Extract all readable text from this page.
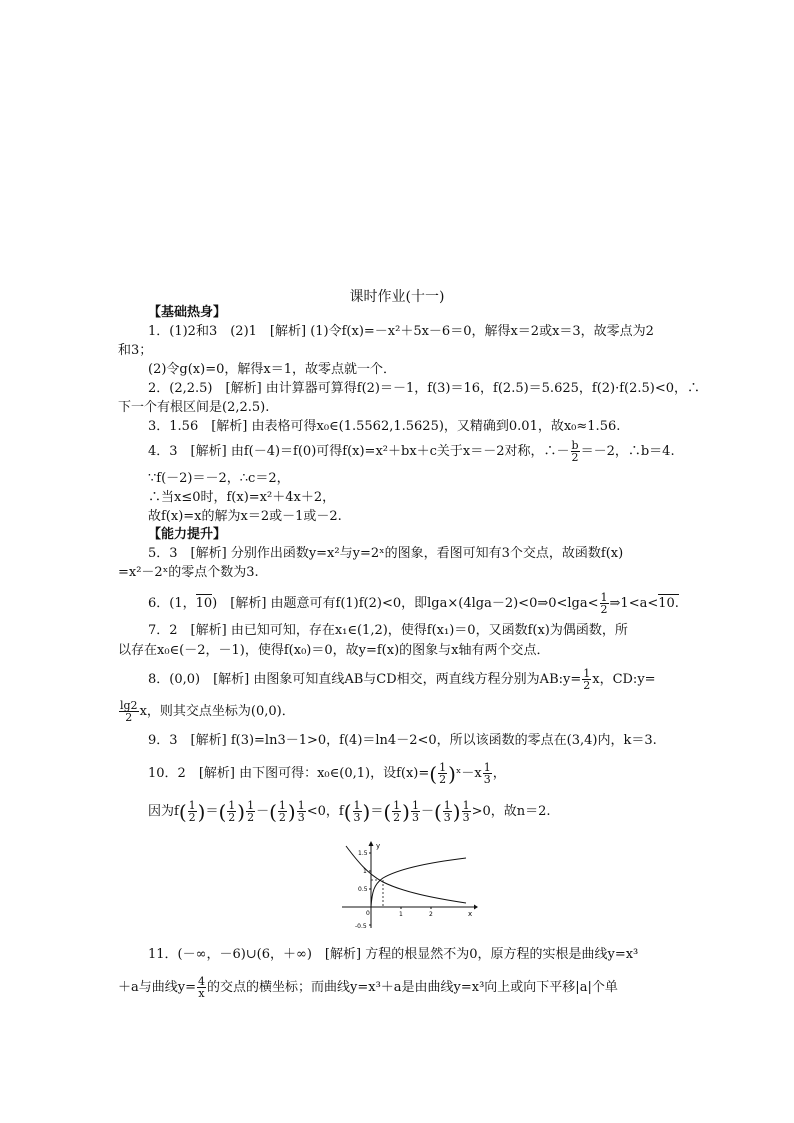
课时作业(十一)
【基础热身】
1．(1)2和3　(2)1　[解析] (1)令f(x)=－x²＋5x－6＝0，解得x＝2或x＝3，故零点为2
和3；
(2)令g(x)=0，解得x＝1，故零点就一个．
2．(2,2.5)　[解析] 由计算器可算得f(2)＝－1，f(3)＝16，f(2.5)＝5.625，f(2)·f(2.5)<0，∴
下一个有根区间是(2,2.5).
3．1.56　[解析] 由表格可得x₀∈(1.5562,1.5625)，又精确到0.01，故x₀≈1.56.
4．3　[解析] 由f(－4)＝f(0)可得f(x)=x²＋bx＋c关于x＝－2对称，∴－ $\frac{b}{2} =-2$，∴b＝4.
∵f(－2)＝－2，∴c＝2，
∴当x≤0时，f(x)=x²＋4x＋2，
故f(x)=x的解为x＝2或－1或－2.
【能力提升】
5．3　[解析] 分别作出函数y=x²与y=2ˣ的图象，看图可知有3个交点，故函数f(x)
=x²－2ˣ的零点个数为3.
6．(1，10)　[解析] 由题意可有f(1)f(2)<0，即lga×(4lga－2)<0⇒0<lga< $\frac{1}{2}$ ⇒1<a<10.
7．2　[解析] 由已知可知，存在x₁∈(1,2)，使得f(x₁)＝0，又函数f(x)为偶函数，所
以存在x₀∈(－2，－1)，使得f(x₀)＝0，故y=f(x)的图象与x轴有两个交点．
8．(0,0)　[解析] 由图象可知直线AB与CD相交，两直线方程分别为AB:y= $\frac{1}{2}$ x，CD:y=
$\frac{\lg 2}{2}$ x，则其交点坐标为(0,0)．
9．3　[解析] f(3)=ln3－1>0，f(4)＝ln4－2<0，所以该函数的零点在(3,4)内，k＝3.
10．2　[解析] 由下图可得：x₀∈(0,1)，设$f(x)=( \frac{1}{2}$ )ˣ－x $\frac{1}{3}$ ，
因为$f( \frac{1}{2}$ )＝( $\frac{1}{2}$ ) $\frac{1}{2}$ －( $\frac{1}{2}$ ) $\frac{1}{3} <0$，$f( \frac{1}{3}$ )＝( $\frac{1}{2}$ ) $\frac{1}{3}$ －( $\frac{1}{3}$ ) $\frac{1}{3} >0$，故n＝2.
y
x
1.5
1
0.5
-0.5
0	1	2
11．(－∞，－6)∪(6，＋∞)　[解析] 方程的根显然不为0，原方程的实根是曲线y=x³
＋a与曲线$y= \frac{4}{x}$ 的交点的横坐标；而曲线y=x³＋a是由曲线y=x³向上或向下平移|a|个单
